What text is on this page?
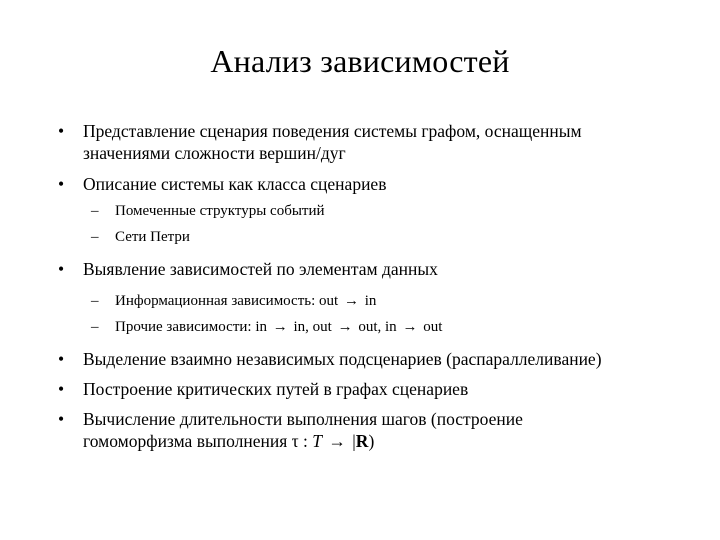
Анализ зависимостей
• Представление сценария поведения системы графом, оснащенным
значениями сложности вершин/дуг
• Описание системы как класса сценариев
– Помеченные структуры событий
– Сети Петри
• Выявление зависимостей по элементам данных
– Информационная зависимость: out → in
– Прочие зависимости: in → in, out → out, in → out
• Выделение взаимно независимых подсценариев (распараллеливание)
• Построение критических путей в графах сценариев
• Вычисление длительности выполнения шагов (построение
гомоморфизма выполнения τ : T → |R)
